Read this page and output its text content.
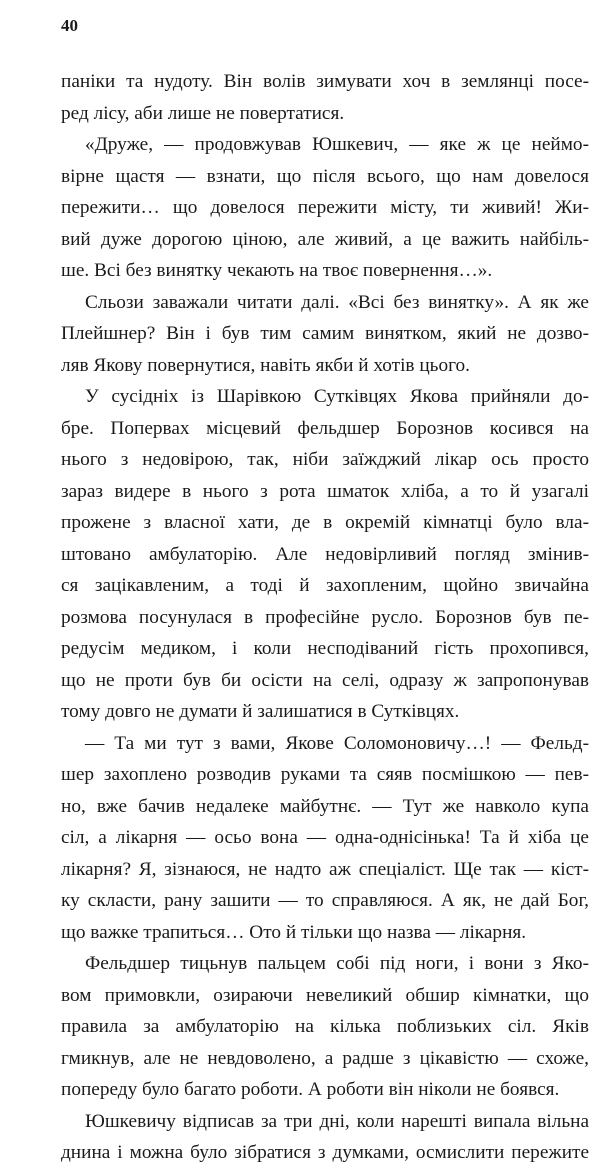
40
паніки та нудоту. Він волів зимувати хоч в землянці посе-
ред лісу, аби лише не повертатися.
«Друже, — продовжував Юшкевич, — яке ж це неймо-
вірне щастя — взнати, що після всього, що нам довелося
пережити… що довелося пережити місту, ти живий! Жи-
вий дуже дорогою ціною, але живий, а це важить найбіль-
ше. Всі без винятку чекають на твоє повернення…».
Сльози заважали читати далі. «Всі без винятку». А як же
Плейшнер? Він і був тим самим винятком, який не дозво-
ляв Якову повернутися, навіть якби й хотів цього.
У сусідніх із Шарівкою Сутківцях Якова прийняли до-
бре. Попервах місцевий фельдшер Борознов косився на
нього з недовірою, так, ніби заїжджий лікар ось просто
зараз видере в нього з рота шматок хліба, а то й узагалі
прожене з власної хати, де в окремій кімнатці було вла-
штовано амбулаторію. Але недовірливий погляд змінив-
ся зацікавленим, а тоді й захопленим, щойно звичайна
розмова посунулася в професійне русло. Борознов був пе-
редусім медиком, і коли несподіваний гість прохопився,
що не проти був би осісти на селі, одразу ж запропонував
тому довго не думати й залишатися в Сутківцях.
— Та ми тут з вами, Якове Соломоновичу…! — Фельд-
шер захоплено розводив руками та сяяв посмішкою — пев-
но, вже бачив недалеке майбутнє. — Тут же навколо купа
сіл, а лікарня — осьо вона — одна-однісінька! Та й хіба це
лікарня? Я, зізнаюся, не надто аж спеціаліст. Ще так — кіст-
ку скласти, рану зашити — то справляюся. А як, не дай Бог,
що важке трапиться… Ото й тільки що назва — лікарня.
Фельдшер тицьнув пальцем собі під ноги, і вони з Яко-
вом примовкли, озираючи невеликий обшир кімнатки, що
правила за амбулаторію на кілька поблизьких сіл. Яків
гмикнув, але не невдоволено, а радше з цікавістю — схоже,
попереду було багато роботи. А роботи він ніколи не боявся.
Юшкевичу відписав за три дні, коли нарешті випала вільна
днина і можна було зібратися з думками, осмислити пережите
